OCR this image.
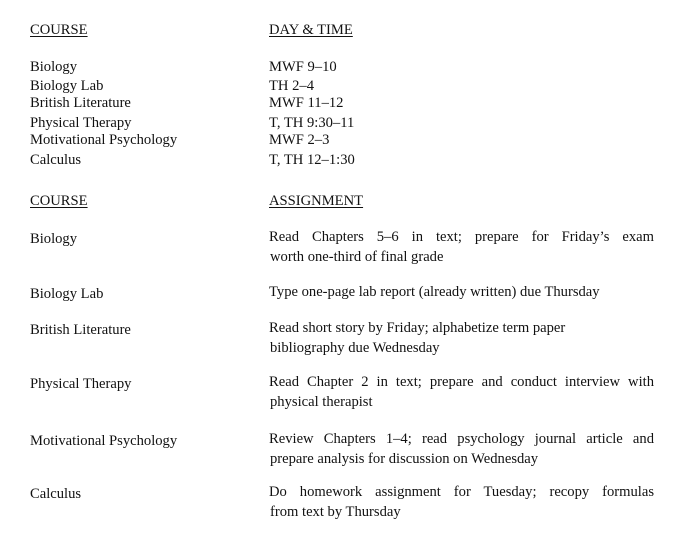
COURSE	DAY & TIME
Biology	MWF 9–10
Biology Lab	TH 2–4
British Literature	MWF 11–12
Physical Therapy	T, TH 9:30–11
Motivational Psychology	MWF 2–3
Calculus	T, TH 12–1:30
COURSE	ASSIGNMENT
Biology	Read Chapters 5–6 in text; prepare for Friday’s exam
worth one-third of final grade
Biology Lab	Type one-page lab report (already written) due Thursday
British Literature	Read short story by Friday; alphabetize term paper
bibliography due Wednesday
Physical Therapy	Read Chapter 2 in text; prepare and conduct interview with
physical therapist
Motivational Psychology	Review Chapters 1–4; read psychology journal article and
prepare analysis for discussion on Wednesday
Calculus	Do homework assignment for Tuesday; recopy formulas
from text by Thursday
